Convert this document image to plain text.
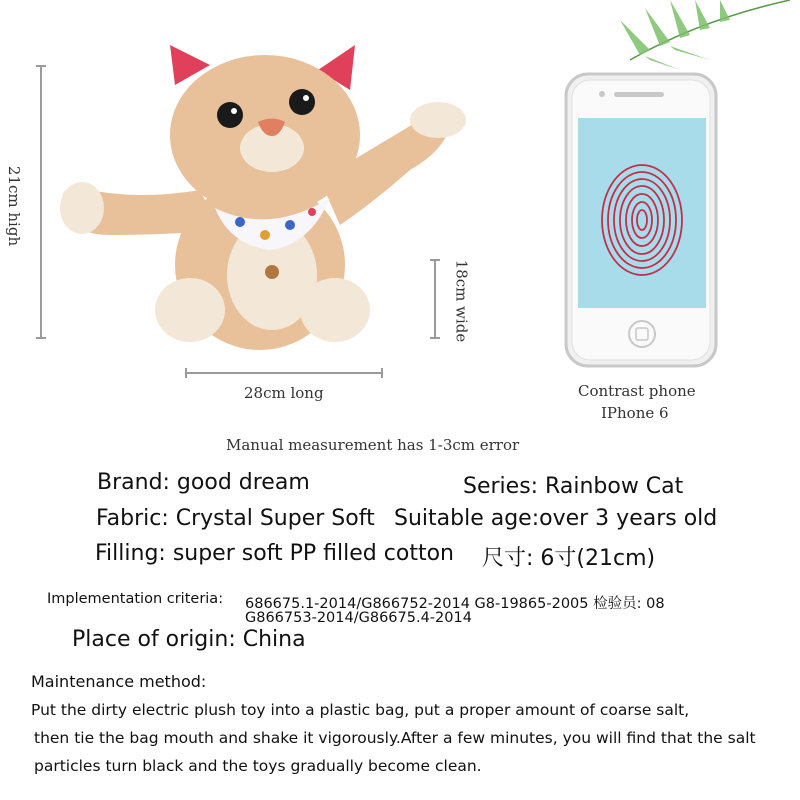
21cm high
18cm wide
28cm long	Contrast phone
IPhone 6
Manual measurement has 1-3cm error
Brand: good dream	Series: Rainbow Cat
Fabric: Crystal Super Soft Suitable age:over 3 years old
Filling: super soft PP filled cotton 尺寸: 6寸(21cm)
Implementation criteria: 686675.1-2014/G866752-2014 G8-19865-2005 检验员: 08
G866753-2014/G86675.4-2014
Place of origin: China
Maintenance method:
Put the dirty electric plush toy into a plastic bag, put a proper amount of coarse salt,
then tie the bag mouth and shake it vigorously.After a few minutes, you will find that the salt
particles turn black and the toys gradually become clean.
